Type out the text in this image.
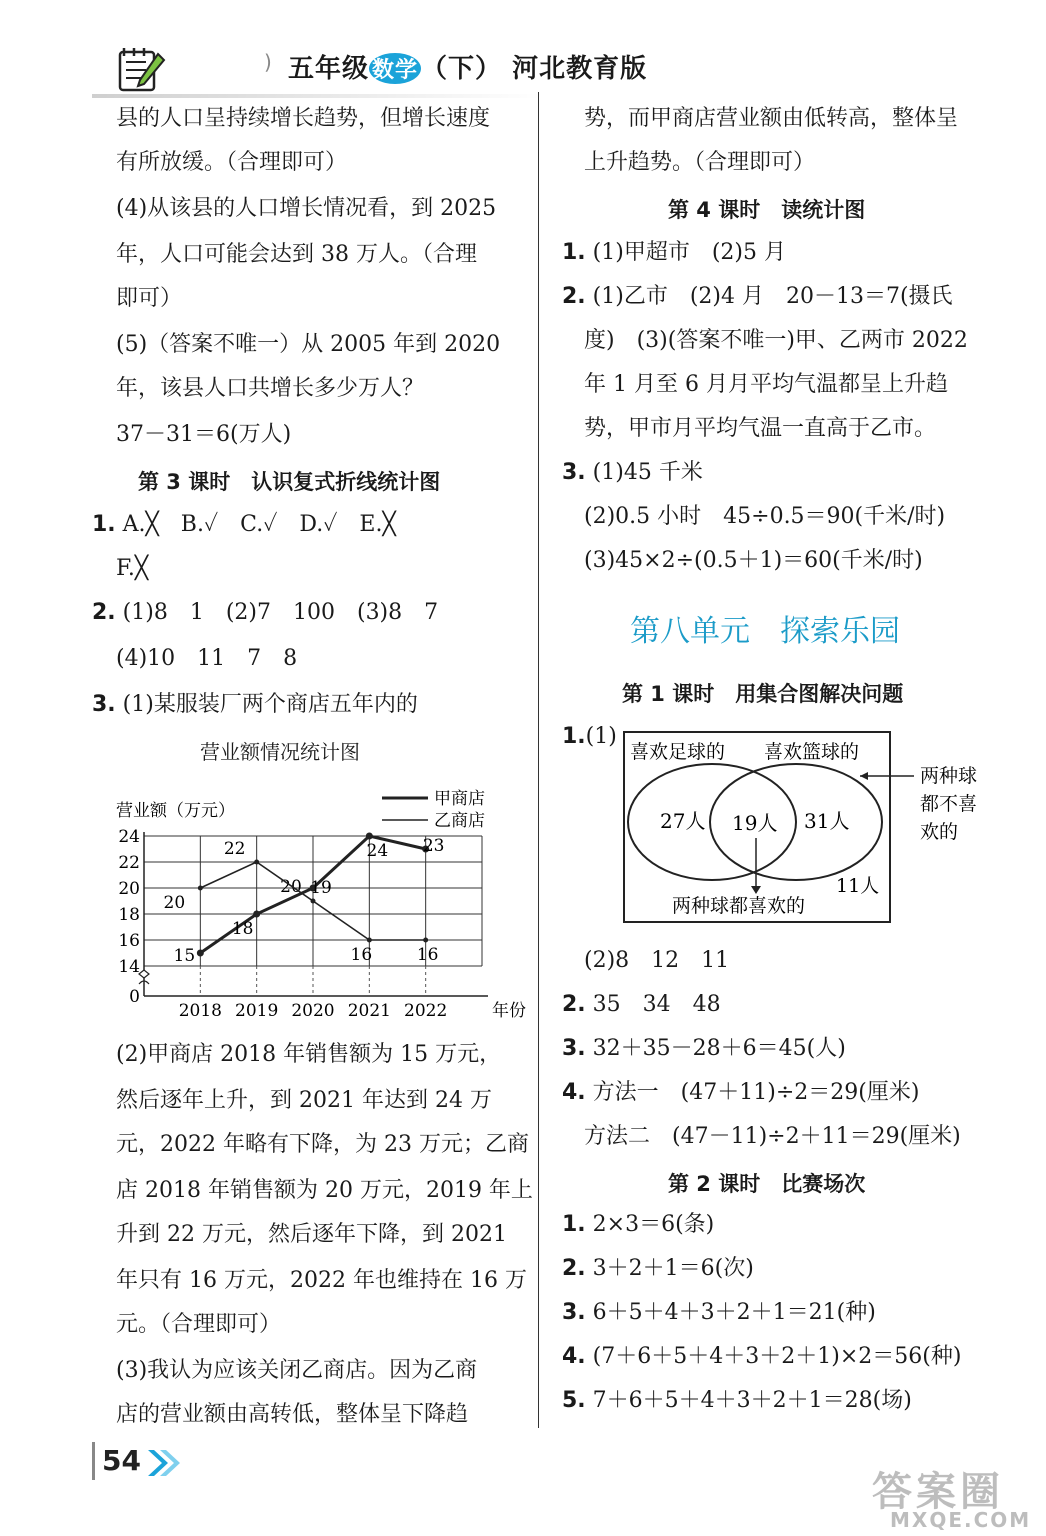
) 五年级 数学 （下） 河北教育版
县的人口呈持续增长趋势，但增长速度
有所放缓。（合理即可）
(4)从该县的人口增长情况看，到 2025
年，人口可能会达到 38 万人。（合理
即可）
(5)（答案不唯一）从 2005 年到 2020
年，该县人口共增长多少万人？
37－31＝6(万人)
第 3 课时　认识复式折线统计图
1. A.╳　B.✓　C.✓　D.✓　E.╳
F.╳
2. (1)8　1　(2)7　100　(3)8　7
(4)10　11　7　8
3. (1)某服装厂两个商店五年内的
营业额情况统计图
0
14
16
18
20
22
24
2018 2019 2020 2021 2022	年份
营业额（万元）
15
18
20
24 23
20
22
19
16	16
甲商店
乙商店
(2)甲商店 2018 年销售额为 15 万元，
然后逐年上升，到 2021 年达到 24 万
元，2022 年略有下降，为 23 万元；乙商
店 2018 年销售额为 20 万元，2019 年上
升到 22 万元，然后逐年下降，到 2021
年只有 16 万元，2022 年也维持在 16 万
元。（合理即可）
(3)我认为应该关闭乙商店。因为乙商
店的营业额由高转低，整体呈下降趋
势，而甲商店营业额由低转高，整体呈
上升趋势。（合理即可）
第 4 课时　读统计图
1. (1)甲超市　(2)5 月
2. (1)乙市　(2)4 月　20－13＝7(摄氏
度)　(3)(答案不唯一)甲、乙两市 2022
年 1 月至 6 月月平均气温都呈上升趋
势，甲市月平均气温一直高于乙市。
3. (1)45 千米
(2)0.5 小时　45÷0.5＝90(千米/时)
(3)45×2÷(0.5＋1)＝60(千米/时)
第八单元　探索乐园
第 1 课时　用集合图解决问题
1.(1)
喜欢足球的 喜欢篮球的
27人 19人 31人
11人
两种球都喜欢的
两种球
都不喜
欢的
(2)8　12　11
2. 35　34　48
3. 32＋35－28＋6＝45(人)
4. 方法一　(47＋11)÷2＝29(厘米)
方法二　(47－11)÷2＋11＝29(厘米)
第 2 课时　比赛场次
1. 2×3＝6(条)
2. 3＋2＋1＝6(次)
3. 6＋5＋4＋3＋2＋1＝21(种)
4. (7＋6＋5＋4＋3＋2＋1)×2＝56(种)
5. 7＋6＋5＋4＋3＋2＋1＝28(场)
54
答案圈
MXQE.COM
